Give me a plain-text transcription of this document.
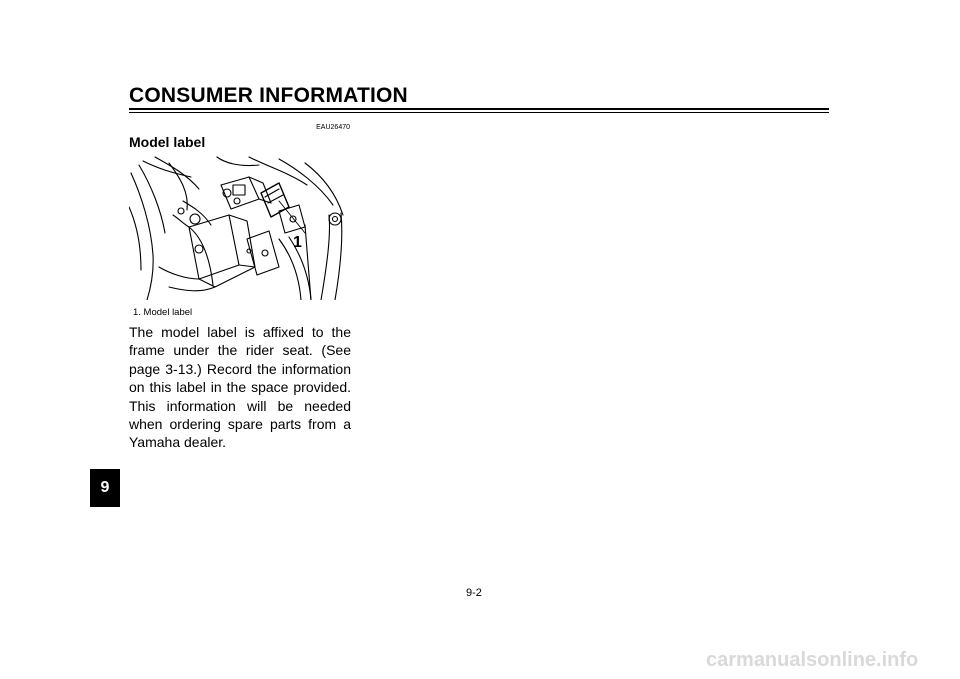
CONSUMER INFORMATION
EAU26470
Model label
1
1. Model label
The model label is affixed to the frame under the rider seat. (See page 3-13.) Record the information on this label in the space provided. This information will be needed when ordering spare parts from a Yamaha dealer.
9
9-2
carmanualsonline.info
